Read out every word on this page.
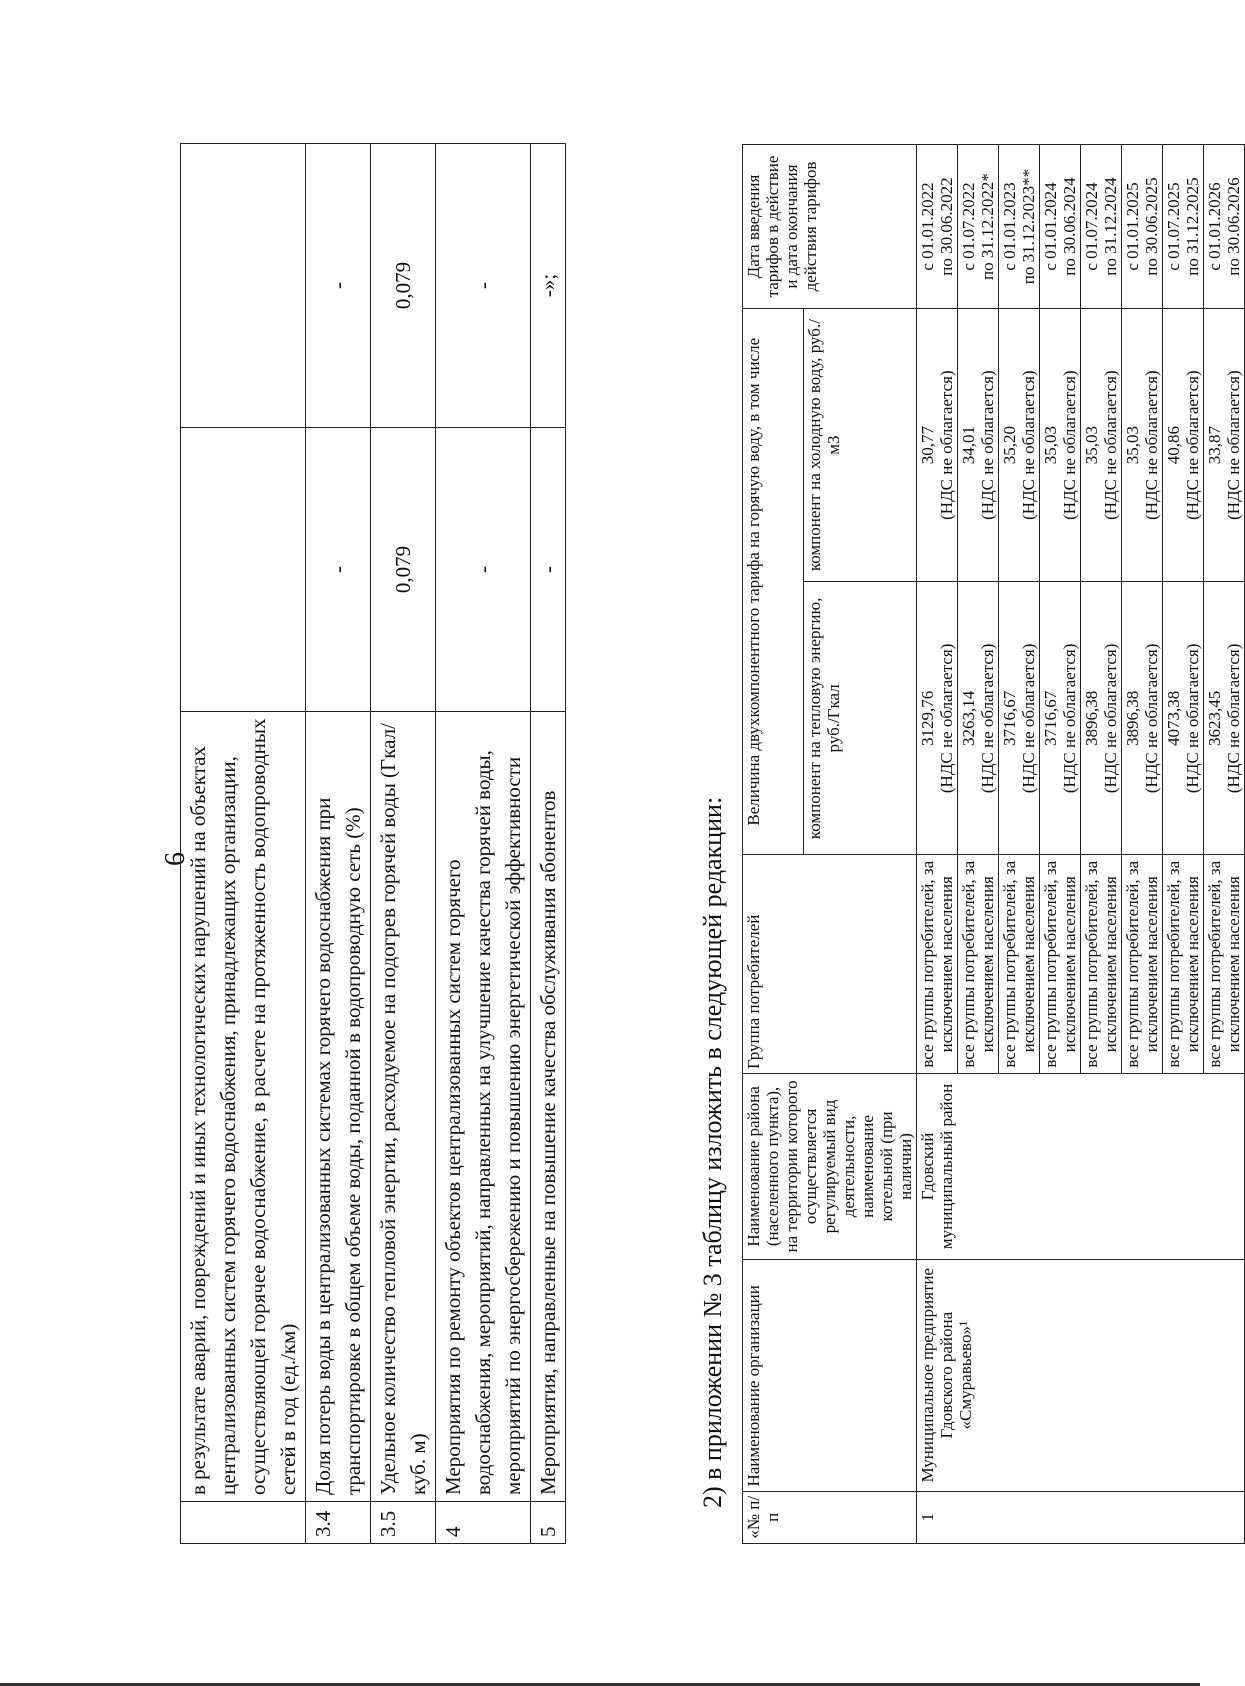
6
	в результате аварий, повреждений и иных технологических нарушений на объектах централизованных систем горячего водоснабжения, принадлежащих организации, осуществляющей горячее водоснабжение, в расчете на протяженность водопроводных сетей в год (ед./км)		
3.4	Доля потерь воды в централизованных системах горячего водоснабжения при транспортировке в общем объеме воды, поданной в водопроводную сеть (%)	-	-
3.5	Удельное количество тепловой энергии, расходуемое на подогрев горячей воды (Гкал/куб. м)	0,079	0,079
4	Мероприятия по ремонту объектов централизованных систем горячего водоснабжения, мероприятий, направленных на улучшение качества горячей воды, мероприятий по энергосбережению и повышению энергетической эффективности	-	-
5	Мероприятия, направленные на повышение качества обслуживания абонентов	-	-»;
2) в приложении № 3 таблицу изложить в следующей редакции:
«№ п/п	Наименование организации	Наименование района (населенного пункта), на территории которого осуществляется регулируемый вид деятельности, наименование котельной (при наличии)	Группа потребителей	Величина двухкомпонентного тарифа на горячую воду, в том числе		Дата введения тарифов в действие и дата окончания действия тарифов
				компонент на тепловую энергию, руб./Гкал	компонент на холодную воду, руб./м3	
1	Муниципальное предприятие Гдовского района «Смуравьево»¹	Гдовский муниципальный район	все группы потребителей, за исключением населения	3129,76 (НДС не облагается)	30,77 (НДС не облагается)	с 01.01.2022 по 30.06.2022

			все группы потребителей, за исключением населения	3263,14 (НДС не облагается)	34,01 (НДС не облагается)	с 01.07.2022 по 31.12.2022*

			все группы потребителей, за исключением населения	3716,67 (НДС не облагается)	35,20 (НДС не облагается)	с 01.01.2023 по 31.12.2023**

			все группы потребителей, за исключением населения	3716,67 (НДС не облагается)	35,03 (НДС не облагается)	с 01.01.2024 по 30.06.2024

			все группы потребителей, за исключением населения	3896,38 (НДС не облагается)	35,03 (НДС не облагается)	с 01.07.2024 по 31.12.2024

			все группы потребителей, за исключением населения	3896,38 (НДС не облагается)	35,03 (НДС не облагается)	с 01.01.2025 по 30.06.2025

			все группы потребителей, за исключением населения	4073,38 (НДС не облагается)	40,86 (НДС не облагается)	с 01.07.2025 по 31.12.2025

			все группы потребителей, за исключением населения	3623,45 (НДС не облагается)	33,87 (НДС не облагается)	с 01.01.2026 по 30.06.2026
